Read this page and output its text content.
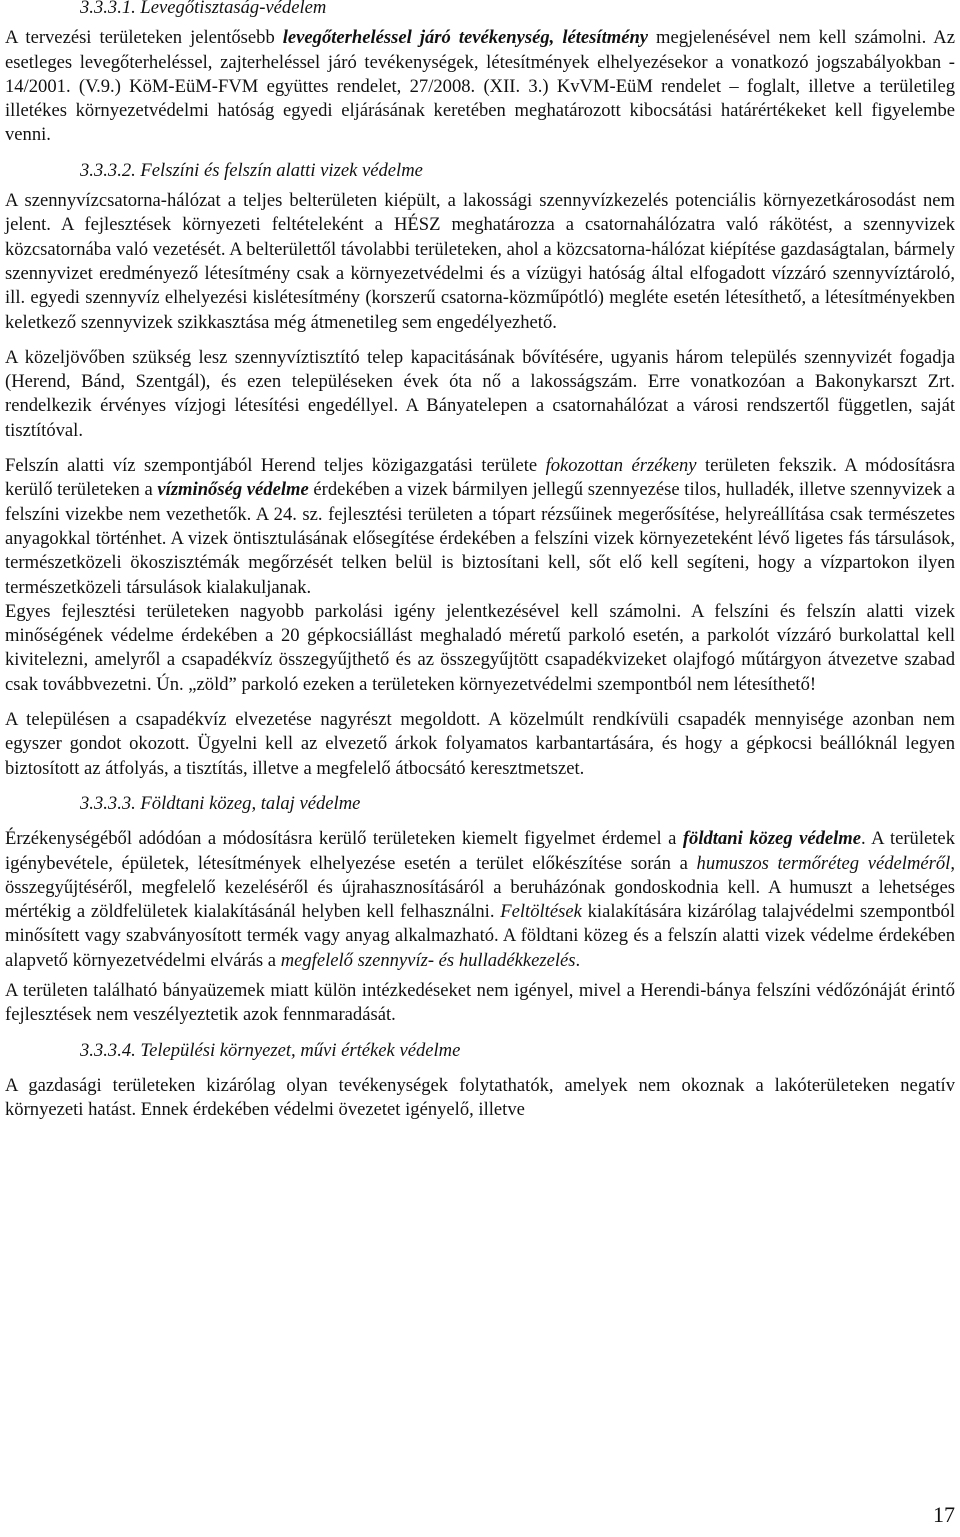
3.3.3.1. Levegőtisztaság-védelem

A tervezési területeken jelentősebb levegőterheléssel járó tevékenység, létesítmény megjelenésével nem kell számolni. Az esetleges levegőterheléssel, zajterheléssel járó tevékenységek, létesítmények elhelyezésekor a vonatkozó jogszabályokban - 14/2001. (V.9.) KöM-EüM-FVM együttes rendelet, 27/2008. (XII. 3.) KvVM-EüM rendelet – foglalt, illetve a területileg illetékes környezetvédelmi hatóság egyedi eljárásának keretében meghatározott kibocsátási határértékeket kell figyelembe venni.

3.3.3.2. Felszíni és felszín alatti vizek védelme

A szennyvízcsatorna-hálózat a teljes belterületen kiépült, a lakossági szennyvízkezelés potenciális környezetkárosodást nem jelent. A fejlesztések környezeti feltételeként a HÉSZ meghatározza a csatornahálózatra való rákötést, a szennyvizek közcsatornába való vezetését. A belterülettől távolabbi területeken, ahol a közcsatorna-hálózat kiépítése gazdaságtalan, bármely szennyvizet eredményező létesítmény csak a környezetvédelmi és a vízügyi hatóság által elfogadott vízzáró szennyvíztároló, ill. egyedi szennyvíz elhelyezési kislétesítmény (korszerű csatorna-közműpótló) megléte esetén létesíthető, a létesítményekben keletkező szennyvizek szikkasztása még átmenetileg sem engedélyezhető.

A közeljövőben szükség lesz szennyvíztisztító telep kapacitásának bővítésére, ugyanis három település szennyvizét fogadja (Herend, Bánd, Szentgál), és ezen településeken évek óta nő a lakosságszám. Erre vonatkozóan a Bakonykarszt Zrt. rendelkezik érvényes vízjogi létesítési engedéllyel. A Bányatelepen a csatornahálózat a városi rendszertől független, saját tisztítóval.

Felszín alatti víz szempontjából Herend teljes közigazgatási területe fokozottan érzékeny területen fekszik. A módosításra kerülő területeken a vízminőség védelme érdekében a vizek bármilyen jellegű szennyezése tilos, hulladék, illetve szennyvizek a felszíni vizekbe nem vezethetők. A 24. sz. fejlesztési területen a tópart rézsűinek megerősítése, helyreállítása csak természetes anyagokkal történhet. A vizek öntisztulásának elősegítése érdekében a felszíni vizek környezeteként lévő ligetes fás társulások, természetközeli ökoszisztémák megőrzését telken belül is biztosítani kell, sőt elő kell segíteni, hogy a vízpartokon ilyen természetközeli társulások kialakuljanak.

Egyes fejlesztési területeken nagyobb parkolási igény jelentkezésével kell számolni. A felszíni és felszín alatti vizek minőségének védelme érdekében a 20 gépkocsiállást meghaladó méretű parkoló esetén, a parkolót vízzáró burkolattal kell kivitelezni, amelyről a csapadékvíz összegyűjthető és az összegyűjtött csapadékvizeket olajfogó műtárgyon átvezetve szabad csak továbbvezetni. Ún. „zöld” parkoló ezeken a területeken környezetvédelmi szempontból nem létesíthető!

A településen a csapadékvíz elvezetése nagyrészt megoldott. A közelmúlt rendkívüli csapadék mennyisége azonban nem egyszer gondot okozott. Ügyelni kell az elvezető árkok folyamatos karbantartására, és hogy a gépkocsi beállóknál legyen biztosított az átfolyás, a tisztítás, illetve a megfelelő átbocsátó keresztmetszet.

3.3.3.3. Földtani közeg, talaj védelme

Érzékenységéből adódóan a módosításra kerülő területeken kiemelt figyelmet érdemel a földtani közeg védelme. A területek igénybevétele, épületek, létesítmények elhelyezése esetén a terület előkészítése során a humuszos termőréteg védelméről, összegyűjtéséről, megfelelő kezeléséről és újrahasznosításáról a beruházónak gondoskodnia kell. A humuszt a lehetséges mértékig a zöldfelületek kialakításánál helyben kell felhasználni. Feltöltések kialakítására kizárólag talajvédelmi szempontból minősített vagy szabványosított termék vagy anyag alkalmazható. A földtani közeg és a felszín alatti vizek védelme érdekében alapvető környezetvédelmi elvárás a megfelelő szennyvíz- és hulladékkezelés.

A területen található bányaüzemek miatt külön intézkedéseket nem igényel, mivel a Herendi-bánya felszíni védőzónáját érintő fejlesztések nem veszélyeztetik azok fennmaradását.

3.3.3.4. Települési környezet, művi értékek védelme

A gazdasági területeken kizárólag olyan tevékenységek folytathatók, amelyek nem okoznak a lakóterületeken negatív környezeti hatást. Ennek érdekében védelmi övezetet igényelő, illetve

17
